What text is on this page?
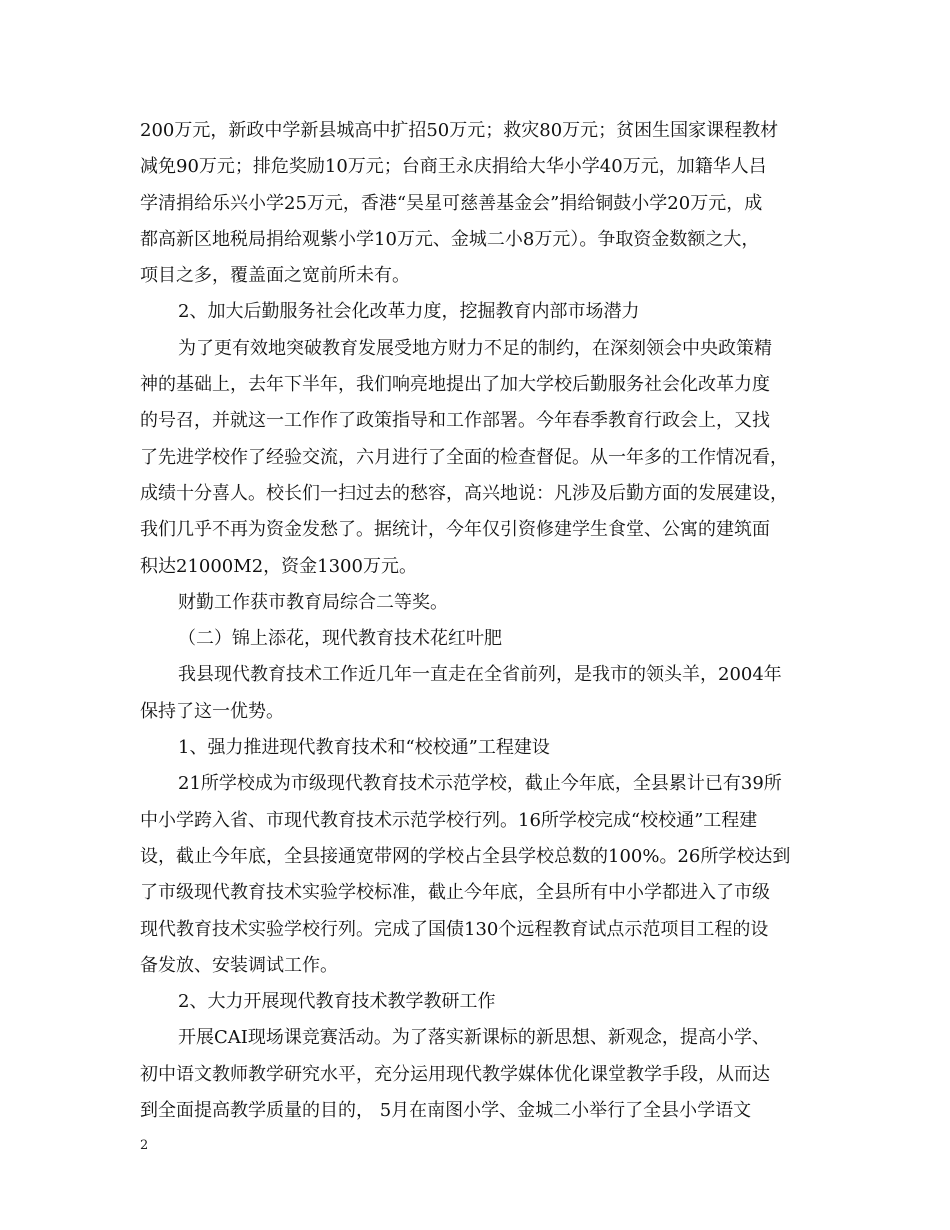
200万元，新政中学新县城高中扩招50万元；救灾80万元；贫困生国家课程教材
减免90万元；排危奖励10万元；台商王永庆捐给大华小学40万元，加籍华人吕
学清捐给乐兴小学25万元，香港“吴星可慈善基金会”捐给铜鼓小学20万元，成
都高新区地税局捐给观紫小学10万元、金城二小8万元）。争取资金数额之大，
项目之多，覆盖面之宽前所未有。

2、加大后勤服务社会化改革力度，挖掘教育内部市场潜力

为了更有效地突破教育发展受地方财力不足的制约，在深刻领会中央政策精
神的基础上，去年下半年，我们响亮地提出了加大学校后勤服务社会化改革力度
的号召，并就这一工作作了政策指导和工作部署。今年春季教育行政会上，又找
了先进学校作了经验交流，六月进行了全面的检查督促。从一年多的工作情况看，
成绩十分喜人。校长们一扫过去的愁容，高兴地说：凡涉及后勤方面的发展建设，
我们几乎不再为资金发愁了。据统计，今年仅引资修建学生食堂、公寓的建筑面
积达21000M2，资金1300万元。

财勤工作获市教育局综合二等奖。

（二）锦上添花，现代教育技术花红叶肥

我县现代教育技术工作近几年一直走在全省前列，是我市的领头羊，2004年
保持了这一优势。

1、强力推进现代教育技术和“校校通”工程建设

21所学校成为市级现代教育技术示范学校，截止今年底，全县累计已有39所
中小学跨入省、市现代教育技术示范学校行列。16所学校完成“校校通”工程建
设，截止今年底，全县接通宽带网的学校占全县学校总数的100%。26所学校达到
了市级现代教育技术实验学校标准，截止今年底，全县所有中小学都进入了市级
现代教育技术实验学校行列。完成了国债130个远程教育试点示范项目工程的设
备发放、安装调试工作。

2、大力开展现代教育技术教学教研工作

开展CAI现场课竞赛活动。为了落实新课标的新思想、新观念，提高小学、
初中语文教师教学研究水平，充分运用现代教学媒体优化课堂教学手段，从而达
到全面提高教学质量的目的， 5月在南图小学、金城二小举行了全县小学语文

2
